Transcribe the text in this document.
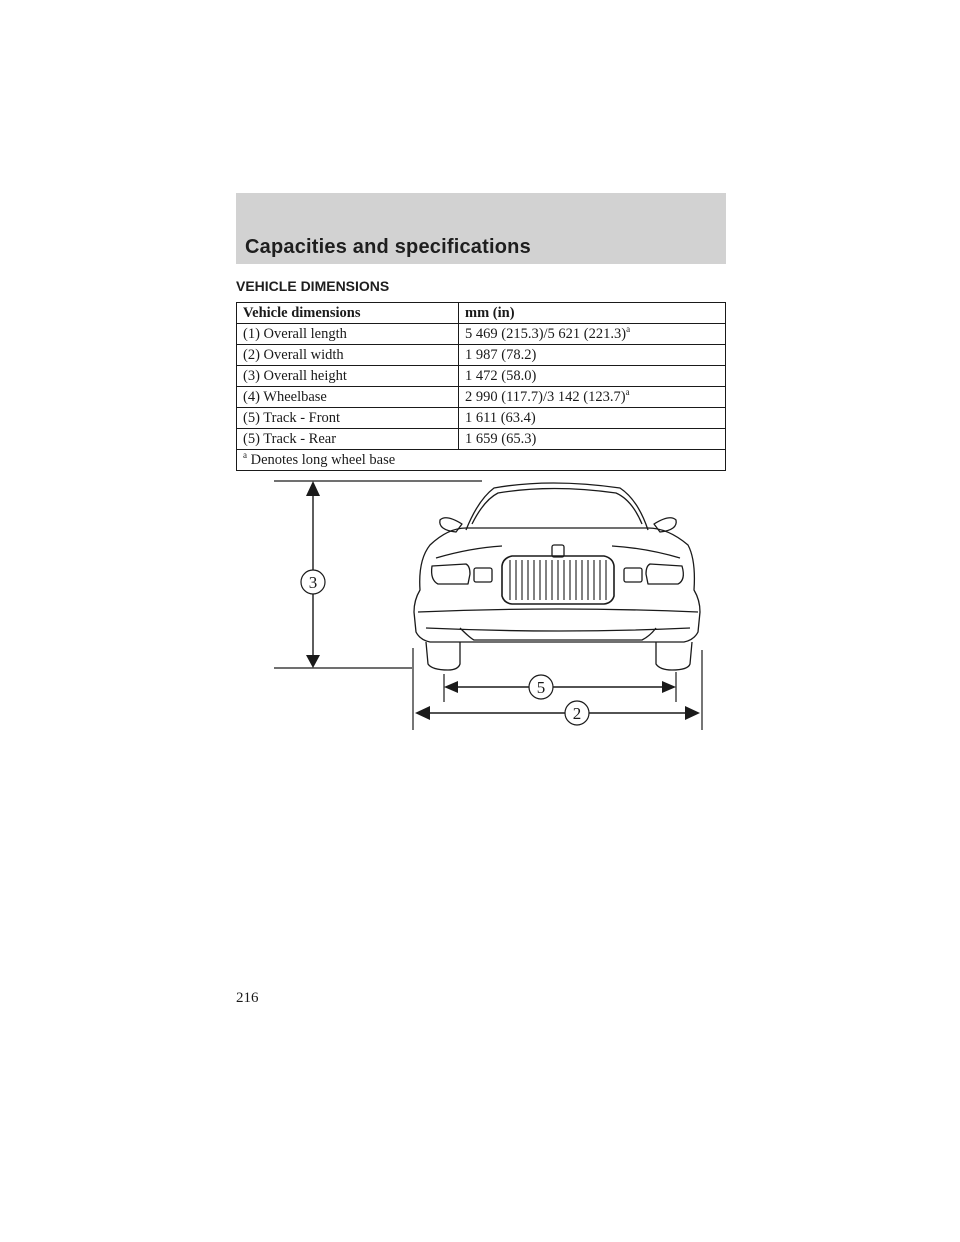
Capacities and specifications
VEHICLE DIMENSIONS
Vehicle dimensions	mm (in)
(1) Overall length	5 469 (215.3)/5 621 $(221.3)^a$
(2) Overall width	1 987 (78.2)
(3) Overall height	1 472 (58.0)
(4) Wheelbase	2 990 (117.7)/3 142 $(123.7)^a$
(5) Track - Front	1 611 (63.4)
(5) Track - Rear	1 659 (65.3)
$^a$ Denotes long wheel base	
3
5
2
216
